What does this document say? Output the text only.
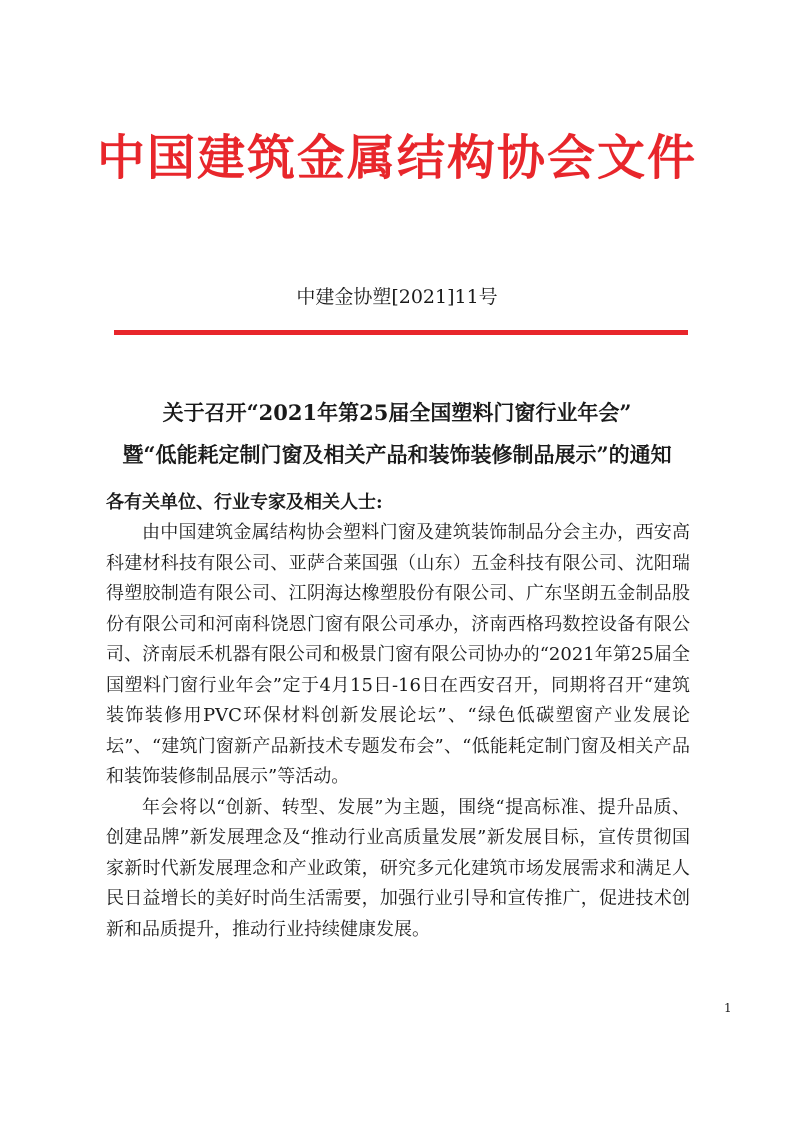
中国建筑金属结构协会文件
中建金协塑[2021]11号
关于召开“2021年第25届全国塑料门窗行业年会”
暨“低能耗定制门窗及相关产品和装饰装修制品展示”的通知
各有关单位、行业专家及相关人士:

由中国建筑金属结构协会塑料门窗及建筑装饰制品分会主办，西安高科建材科技有限公司、亚萨合莱国强（山东）五金科技有限公司、沈阳瑞得塑胶制造有限公司、江阴海达橡塑股份有限公司、广东坚朗五金制品股份有限公司和河南科饶恩门窗有限公司承办，济南西格玛数控设备有限公司、济南辰禾机器有限公司和极景门窗有限公司协办的“2021年第25届全国塑料门窗行业年会”定于4月15日-16日在西安召开，同期将召开“建筑装饰装修用PVC环保材料创新发展论坛”、“绿色低碳塑窗产业发展论坛”、“建筑门窗新产品新技术专题发布会”、“低能耗定制门窗及相关产品和装饰装修制品展示”等活动。

年会将以“创新、转型、发展”为主题，围绕“提高标准、提升品质、创建品牌”新发展理念及“推动行业高质量发展”新发展目标，宣传贯彻国家新时代新发展理念和产业政策，研究多元化建筑市场发展需求和满足人民日益增长的美好时尚生活需要，加强行业引导和宣传推广，促进技术创新和品质提升，推动行业持续健康发展。

1
